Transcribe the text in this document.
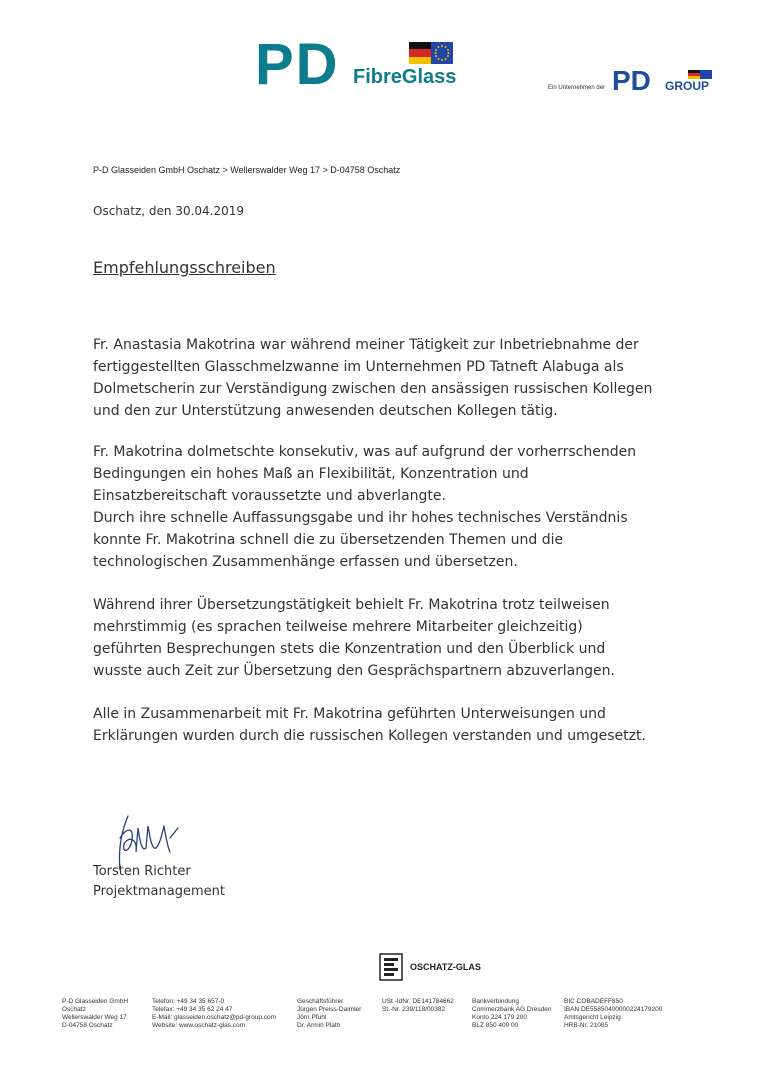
PD FibreGlass	Ein Unternehmen der PD GROUP
P-D Glasseiden GmbH Oschatz > Wellerswalder Weg 17 > D-04758 Oschatz
Oschatz, den 30.04.2019
Empfehlungsschreiben
Fr. Anastasia Makotrina war während meiner Tätigkeit zur Inbetriebnahme der
fertiggestellten Glasschmelzwanne im Unternehmen PD Tatneft Alabuga als
Dolmetscherin zur Verständigung zwischen den ansässigen russischen Kollegen
und den zur Unterstützung anwesenden deutschen Kollegen tätig.
Fr. Makotrina dolmetschte konsekutiv, was auf aufgrund der vorherrschenden
Bedingungen ein hohes Maß an Flexibilität, Konzentration und
Einsatzbereitschaft voraussetzte und abverlangte.
Durch ihre schnelle Auffassungsgabe und ihr hohes technisches Verständnis
konnte Fr. Makotrina schnell die zu übersetzenden Themen und die
technologischen Zusammenhänge erfassen und übersetzen.
Während ihrer Übersetzungstätigkeit behielt Fr. Makotrina trotz teilweisen
mehrstimmig (es sprachen teilweise mehrere Mitarbeiter gleichzeitig)
geführten Besprechungen stets die Konzentration und den Überblick und
wusste auch Zeit zur Übersetzung den Gesprächspartnern abzuverlangen.
Alle in Zusammenarbeit mit Fr. Makotrina geführten Unterweisungen und
Erklärungen wurden durch die russischen Kollegen verstanden und umgesetzt.
Torsten Richter
Projektmanagement
OSCHATZ-GLAS
P-D Glasseiden GmbH
Oschatz
Wellerswalder Weg 17
D-04758 Oschatz
Telefon: +49 34 35 657-0
Telefax: +49 34 35 62 24 47
E-Mail: glasseiden.oschatz@pd-group.com
Website: www.oschatz-glas.com
Geschäftsführer
Jürgen Preiss-Daimler
Jörn Pfuhl
Dr. Armin Plath
USt.-IdNr. DE141784662
St.-Nr. 239/118/00382
Bankverbindung
Commerzbank AG Dresden
Konto 224 179 200
BLZ 850 400 00
BIC COBADEFF850
IBAN DE55850400000224179200
Amtsgericht Leipzig
HRB-Nr. 21085
